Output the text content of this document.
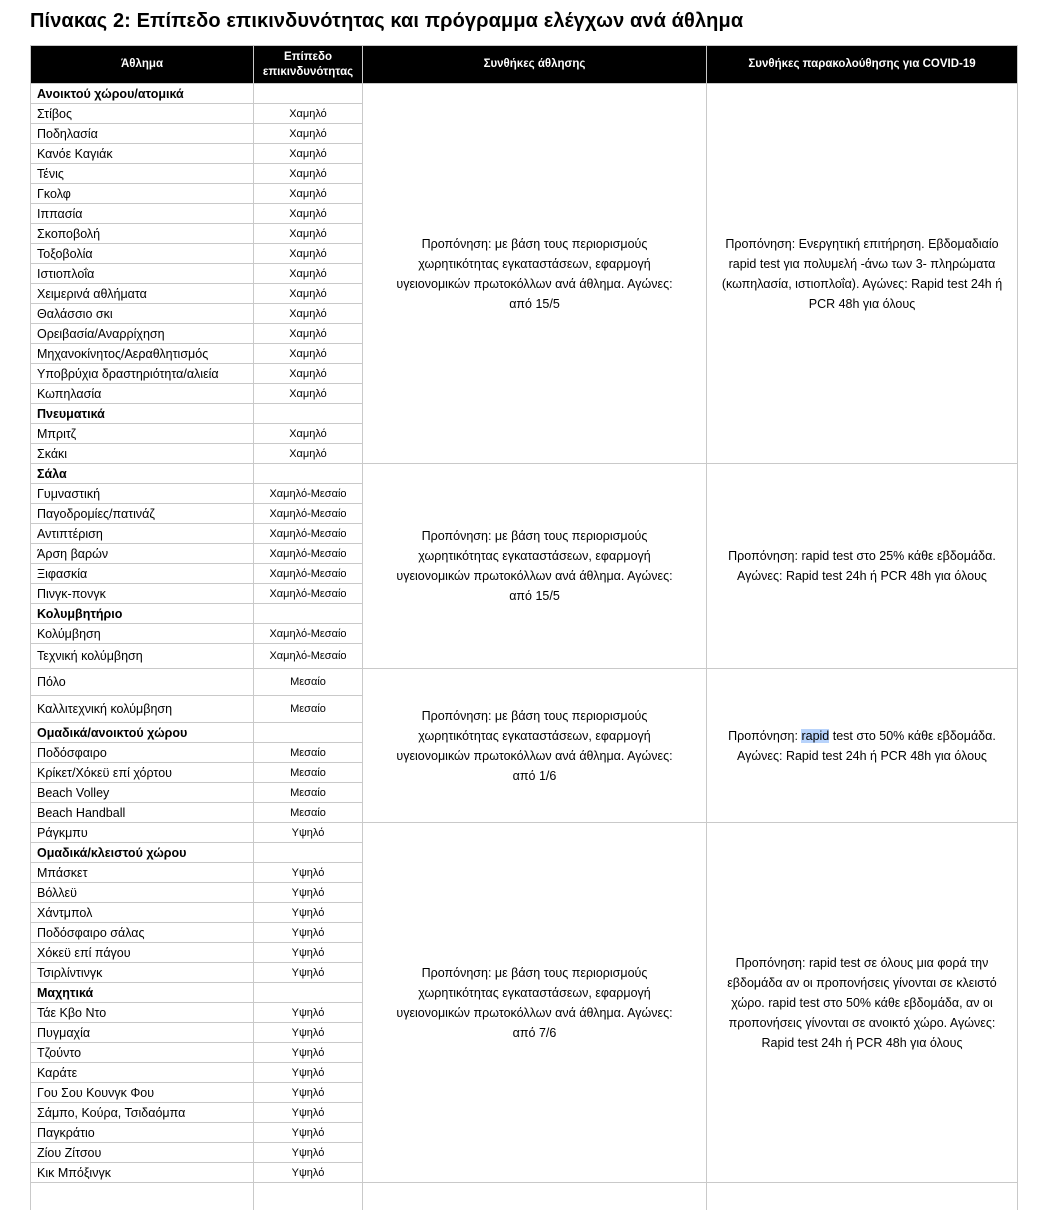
Πίνακας 2: Επίπεδο επικινδυνότητας και πρόγραμμα ελέγχων ανά άθλημα
Άθλημα	Επίπεδο επικινδυνότητας	Συνθήκες άθλησης	Συνθήκες παρακολούθησης για COVID-19
Ανοικτού χώρου/ατομικά		Προπόνηση: με βάση τους περιορισμούς χωρητικότητας εγκαταστάσεων, εφαρμογή υγειονομικών πρωτοκόλλων ανά άθλημα. Αγώνες: από 15/5	Προπόνηση: Ενεργητική επιτήρηση. Εβδομαδιαίο rapid test για πολυμελή -άνω των 3- πληρώματα (κωπηλασία, ιστιοπλοΐα). Αγώνες: Rapid test 24h ή PCR 48h για όλους
Στίβος	Χαμηλό		
Ποδηλασία	Χαμηλό		
Κανόε Καγιάκ	Χαμηλό		
Τένις	Χαμηλό		
Γκολφ	Χαμηλό		
Ιππασία	Χαμηλό		
Σκοποβολή	Χαμηλό		
Τοξοβολία	Χαμηλό		
Ιστιοπλοΐα	Χαμηλό		
Χειμερινά αθλήματα	Χαμηλό		
Θαλάσσιο σκι	Χαμηλό		
Ορειβασία/Αναρρίχηση	Χαμηλό		
Μηχανοκίνητος/Αεραθλητισμός	Χαμηλό		
Υποβρύχια δραστηριότητα/αλιεία	Χαμηλό		
Κωπηλασία	Χαμηλό		
Πνευματικά			
Μπριτζ	Χαμηλό		
Σκάκι	Χαμηλό		
Σάλα		Προπόνηση: με βάση τους περιορισμούς χωρητικότητας εγκαταστάσεων, εφαρμογή υγειονομικών πρωτοκόλλων ανά άθλημα. Αγώνες: από 15/5	Προπόνηση: rapid test στο 25% κάθε εβδομάδα. Αγώνες: Rapid test 24h ή PCR 48h για όλους
Γυμναστική	Χαμηλό-Μεσαίο		
Παγοδρομίες/πατινάζ	Χαμηλό-Μεσαίο		
Αντιπτέριση	Χαμηλό-Μεσαίο		
Άρση βαρών	Χαμηλό-Μεσαίο		
Ξιφασκία	Χαμηλό-Μεσαίο		
Πινγκ-πονγκ	Χαμηλό-Μεσαίο		
Κολυμβητήριο			
Κολύμβηση	Χαμηλό-Μεσαίο		
Τεχνική κολύμβηση	Χαμηλό-Μεσαίο		
Πόλο	Μεσαίο	Προπόνηση: με βάση τους περιορισμούς χωρητικότητας εγκαταστάσεων, εφαρμογή υγειονομικών πρωτοκόλλων ανά άθλημα. Αγώνες: από 1/6	Προπόνηση: rapid test στο 50% κάθε εβδομάδα. Αγώνες: Rapid test 24h ή PCR 48h για όλους
Καλλιτεχνική κολύμβηση	Μεσαίο		
Ομαδικά/ανοικτού χώρου			
Ποδόσφαιρο	Μεσαίο		
Κρίκετ/Χόκεϋ επί χόρτου	Μεσαίο		
Beach Volley	Μεσαίο		
Beach Handball	Μεσαίο		
Ράγκμπυ	Υψηλό	Προπόνηση: με βάση τους περιορισμούς χωρητικότητας εγκαταστάσεων, εφαρμογή υγειονομικών πρωτοκόλλων ανά άθλημα. Αγώνες: από 7/6	Προπόνηση: rapid test σε όλους μια φορά την εβδομάδα αν οι προπονήσεις γίνονται σε κλειστό χώρο. rapid test στο 50% κάθε εβδομάδα, αν οι προπονήσεις γίνονται σε ανοικτό χώρο. Αγώνες: Rapid test 24h ή PCR 48h για όλους
Ομαδικά/κλειστού χώρου			
Μπάσκετ	Υψηλό		
Βόλλεϋ	Υψηλό		
Χάντμπολ	Υψηλό		
Ποδόσφαιρο σάλας	Υψηλό		
Χόκεϋ επί πάγου	Υψηλό		
Τσιρλίντινγκ	Υψηλό		
Μαχητικά			
Τάε Κβο Ντο	Υψηλό		
Πυγμαχία	Υψηλό		
Τζούντο	Υψηλό		
Καράτε	Υψηλό		
Γου Σου Κουνγκ Φου	Υψηλό		
Σάμπο, Κούρα, Τσιδαόμπα	Υψηλό		
Παγκράτιο	Υψηλό		
Ζίου Ζίτσου	Υψηλό		
Κικ Μπόξινγκ	Υψηλό		
